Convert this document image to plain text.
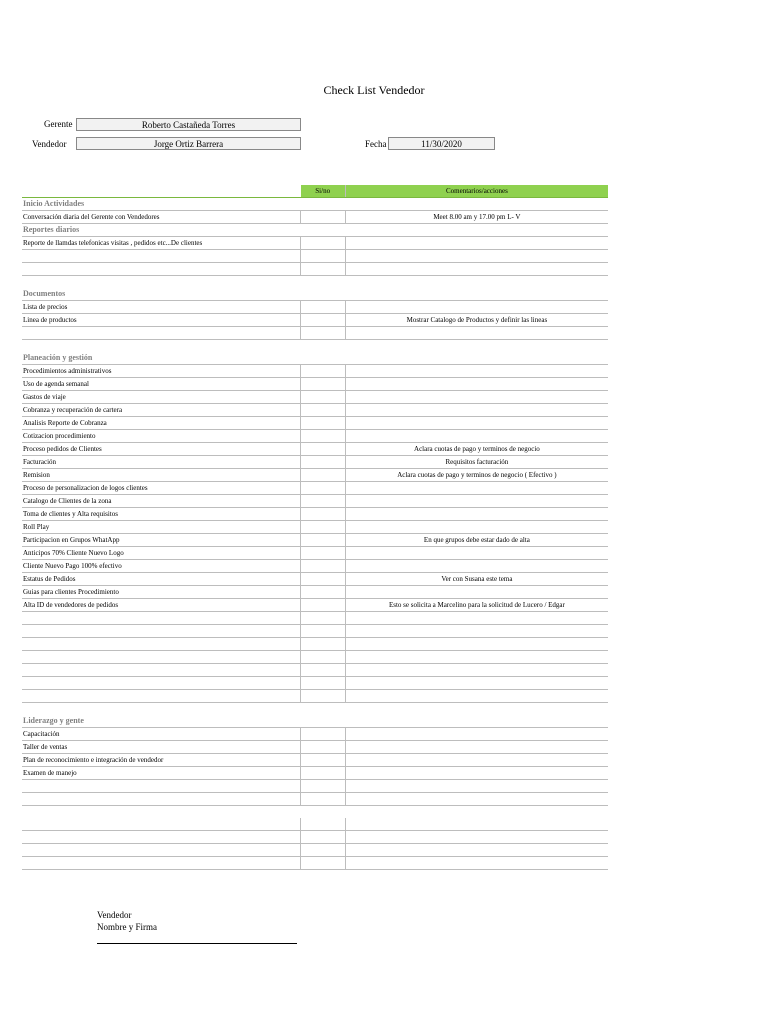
Check List Vendedor
Gerente	Roberto Castañeda Torres
Vendedor	Jorge Ortiz Barrera	Fecha	11/30/2020
	Si/no	Comentarios/acciones
Inicio Actividades		
Conversación diaria del Gerente con Vendedores		Meet 8.00 am y 17.00 pm L- V
Reportes diarios		
Reporte de llamdas telefonicas visitas , pedidos etc...De clientes		

Documentos		
Lista de precios		
Linea de productos		Mostrar Catalogo de Productos y definir las lineas

Planeación y gestión		
Procedimientos administrativos		
Uso de agenda semanal		
Gastos de viaje		
Cobranza y recuperación de cartera		
Analisis Reporte de Cobranza		
Cotizacion procedimiento		
Proceso pedidos de Clientes		Aclara cuotas de pago y terminos de negocio
Facturación		Requisitos facturación
Remision		Aclara cuotas de pago y terminos de negocio ( Efectivo )
Proceso de personalizacion de logos clientes		
Catalogo de Clientes de la zona		
Toma de clientes y Alta requisitos		
Roll Play		
Participacion en Grupos WhatApp		En que grupos debe estar dado de alta
Anticipos 70% Cliente Nuevo Logo		
Cliente Nuevo Pago 100% efectivo		
Estatus de Pedidos		Ver con Susana este tema
Guias para clientes Procedimiento		
Alta ID de vendedores de pedidos		Esto se solicita a Marcelino para la solicitud de Lucero / Edgar

Liderazgo y gente		
Capacitación		
Taller de ventas		
Plan de reconocimiento e integración de vendedor		
Examen de manejo		

Vendedor
Nombre y Firma
